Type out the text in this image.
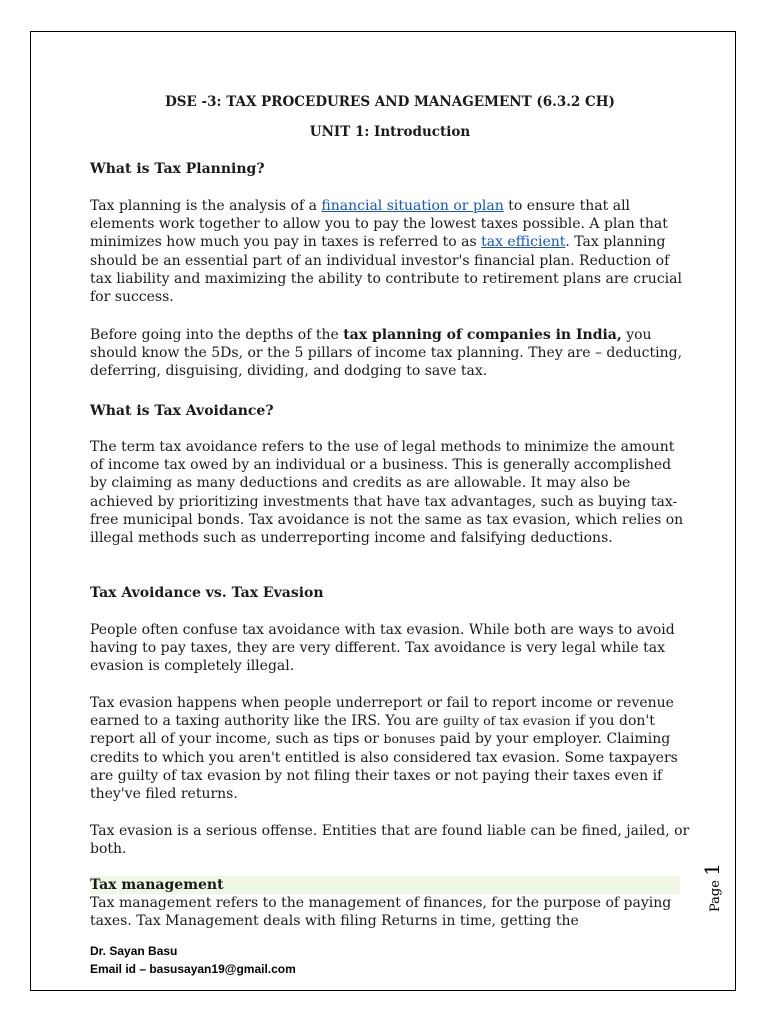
DSE -3: TAX PROCEDURES AND MANAGEMENT (6.3.2 CH)

UNIT 1: Introduction

What is Tax Planning?

Tax planning is the analysis of a financial situation or plan to ensure that all elements work together to allow you to pay the lowest taxes possible. A plan that minimizes how much you pay in taxes is referred to as tax efficient. Tax planning should be an essential part of an individual investor's financial plan. Reduction of tax liability and maximizing the ability to contribute to retirement plans are crucial for success.

Before going into the depths of the tax planning of companies in India, you should know the 5Ds, or the 5 pillars of income tax planning. They are – deducting, deferring, disguising, dividing, and dodging to save tax.

What is Tax Avoidance?

The term tax avoidance refers to the use of legal methods to minimize the amount of income tax owed by an individual or a business. This is generally accomplished by claiming as many deductions and credits as are allowable. It may also be achieved by prioritizing investments that have tax advantages, such as buying tax-free municipal bonds. Tax avoidance is not the same as tax evasion, which relies on illegal methods such as underreporting income and falsifying deductions.

Tax Avoidance vs. Tax Evasion

People often confuse tax avoidance with tax evasion. While both are ways to avoid having to pay taxes, they are very different. Tax avoidance is very legal while tax evasion is completely illegal.

Tax evasion happens when people underreport or fail to report income or revenue earned to a taxing authority like the IRS. You are guilty of tax evasion if you don't report all of your income, such as tips or bonuses paid by your employer. Claiming credits to which you aren't entitled is also considered tax evasion. Some taxpayers are guilty of tax evasion by not filing their taxes or not paying their taxes even if they've filed returns.

Tax evasion is a serious offense. Entities that are found liable can be fined, jailed, or both.

Tax management

Tax management refers to the management of finances, for the purpose of paying taxes. Tax Management deals with filing Returns in time, getting the

Dr. Sayan Basu
Email id – basusayan19@gmail.com
Page 1
